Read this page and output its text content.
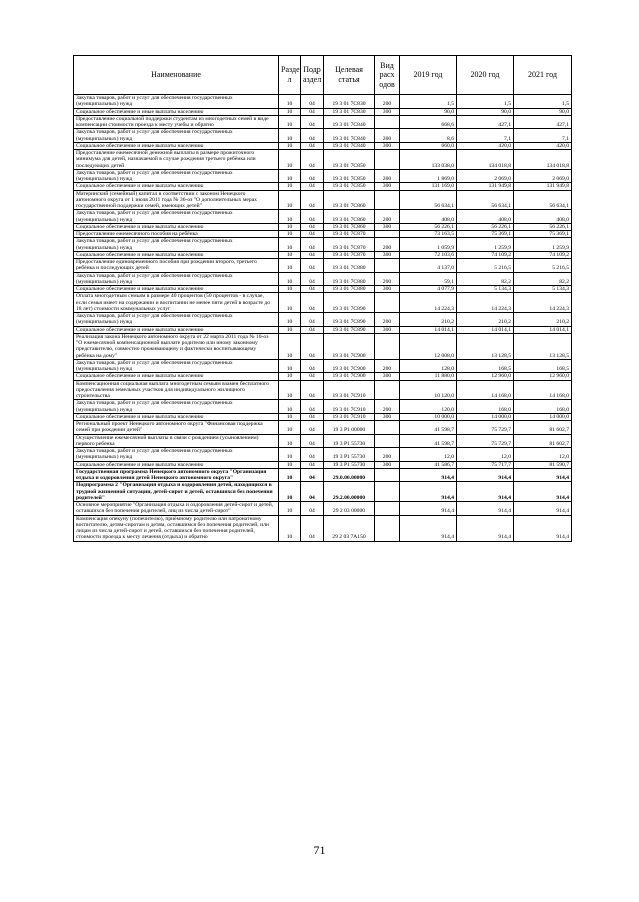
Наименование	Разде л	Подр аздел	Целевая статья	Вид расх одов	2019 год	2020 год	2021 год
Закупка товаров, работ и услуг для обеспечения государственных (муниципальных) нужд	10	04	19 3 01 7C830	200	1,5	1,5	1,5
Социальное обеспечение и иные выплаты населению	10	04	19 3 01 7C830	300	90,0	90,0	90,0
Предоставление социальной поддержки студентам из многодетных семей в виде компенсации стоимости проезда к месту учебы и обратно	10	04	19 3 01 7C840		668,6	427,1	427,1
Закупка товаров, работ и услуг для обеспечения государственных (муниципальных) нужд	10	04	19 3 01 7C840	200	8,6	7,1	7,1
Социальное обеспечение и иные выплаты населению	10	04	19 3 01 7C840	300	660,0	420,0	420,0
Предоставление ежемесячной денежной выплаты в размере прожиточного минимума для детей, назначаемой в случае рождения третьего ребёнка или последующих детей	10	04	19 3 01 7C850		133 038,0	134 018,8	134 018,8
Закупка товаров, работ и услуг для обеспечения государственных (муниципальных) нужд	10	04	19 3 01 7C850	200	1 869,0	2 069,0	2 069,0
Социальное обеспечение и иные выплаты населению	10	04	19 3 01 7C850	300	131 169,0	131 949,8	131 949,8
Материнский (семейный) капитал в соответствии с законом Ненецкого автономного округа от 1 июля 2011 года № 36-оз "О дополнительных мерах государственной поддержки семей, имеющих детей"	10	04	19 3 01 7C860		56 634,1	56 634,1	56 634,1
Закупка товаров, работ и услуг для обеспечения государственных (муниципальных) нужд	10	04	19 3 01 7C860	200	408,0	408,0	408,0
Социальное обеспечение и иные выплаты населению	10	04	19 3 01 7C860	300	56 226,1	56 226,1	56 226,1
Предоставление ежемесячного пособия на ребёнка	10	04	19 3 01 7C870		73 163,5	75 369,1	75 369,1
Закупка товаров, работ и услуг для обеспечения государственных (муниципальных) нужд	10	04	19 3 01 7C870	200	1 059,9	1 259,9	1 259,9
Социальное обеспечение и иные выплаты населению	10	04	19 3 01 7C870	300	72 103,6	74 109,2	74 109,2
Предоставление единовременного пособия при рождении второго, третьего ребёнка и последующих детей	10	04	19 3 01 7C880		4 137,0	5 216,5	5 216,5
Закупка товаров, работ и услуг для обеспечения государственных (муниципальных) нужд	10	04	19 3 01 7C880	200	59,1	82,2	82,2
Социальное обеспечение и иные выплаты населению	10	04	19 3 01 7C880	300	4 077,9	5 134,3	5 134,3
Оплата многодетным семьям в размере 40 процентов (50 процентов - в случае, если семья имеет на содержании и воспитании не менее пяти детей в возрасте до 18 лет) стоимости коммунальных услуг	10	04	19 3 01 7C890		14 224,3	14 224,3	14 224,3
Закупка товаров, работ и услуг для обеспечения государственных (муниципальных) нужд	10	04	19 3 01 7C890	200	210,2	210,2	210,2
Социальное обеспечение и иные выплаты населению	10	04	19 3 01 7C890	300	14 014,1	14 014,1	14 014,1
Реализация закона Ненецкого автономного округа от 22 марта 2011 года № 10-оз "О ежемесячной компенсационной выплате родителю или иному законному представителю, совместно проживающему и фактически воспитывающему ребёнка на дому"	10	04	19 3 01 7C900		12 008,0	13 128,5	13 128,5
Закупка товаров, работ и услуг для обеспечения государственных (муниципальных) нужд	10	04	19 3 01 7C900	200	128,0	168,5	168,5
Социальное обеспечение и иные выплаты населению	10	04	19 3 01 7C900	300	11 880,0	12 960,0	12 960,0
Компенсационная социальная выплата многодетным семьям взамен бесплатного предоставления земельных участков для индивидуального жилищного строительства	10	04	19 3 01 7C910		10 120,0	14 168,0	14 168,0
Закупка товаров, работ и услуг для обеспечения государственных (муниципальных) нужд	10	04	19 3 01 7C910	200	120,0	168,0	168,0
Социальное обеспечение и иные выплаты населению	10	04	19 3 01 7C910	300	10 000,0	14 000,0	14 000,0
Региональный проект Ненецкого автономного округа "Финансовая поддержка семей при рождении детей"	10	04	19 3 P1 00000		41 598,7	75 729,7	81 602,7
Осуществление ежемесячной выплаты в связи с рождением (усыновлением) первого ребенка	10	04	19 3 P1 55730		41 598,7	75 729,7	81 602,7
Закупка товаров, работ и услуг для обеспечения государственных (муниципальных) нужд	10	04	19 3 P1 55730	200	12,0	12,0	12,0
Социальное обеспечение и иные выплаты населению	10	04	19 3 P1 55730	300	41 586,7	75 717,7	81 590,7
Государственная программа Ненецкого автономного округа "Организация отдыха и оздоровления детей Ненецкого автономного округа"	10	04	29.0.00.00000		914,4	914,4	914,4
Подпрограмма 2 "Организация отдыха и оздоровления детей, находящихся в трудной жизненной ситуации, детей-сирот и детей, оставшихся без попечения родителей"	10	04	29.2.00.00000		914,4	914,4	914,4
Основное мероприятие "Организация отдыха и оздоровления детей-сирот и детей, оставшихся без попечения родителей, лиц из числа детей-сирот"	10	04	29 2 03 00000		914,4	914,4	914,4
Компенсация опекуну (попечителю), приёмному родителю или патронатному воспитателю, детям-сиротам и детям, оставшимся без попечения родителей, или лицам из числа детей-сирот и детей, оставшихся без попечения родителей, стоимости проезда к месту лечения (отдыха) и обратно	10	04	29 2 03 7A150		914,4	914,4	914,4
71
